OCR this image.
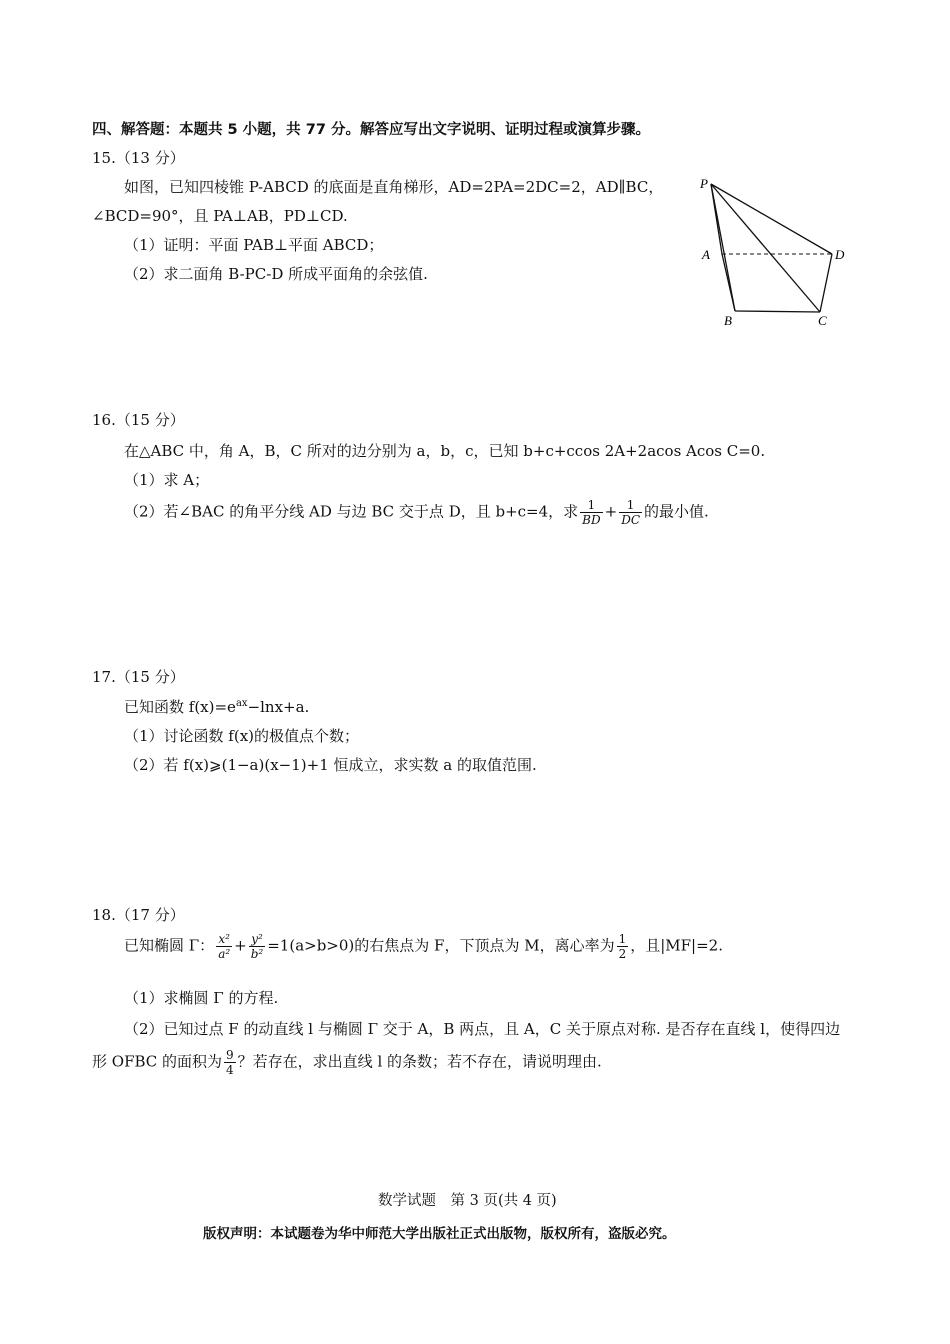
四、解答题：本题共 5 小题，共 77 分。解答应写出文字说明、证明过程或演算步骤。
15.（13 分）
如图，已知四棱锥 P-ABCD 的底面是直角梯形，AD=2PA=2DC=2，AD∥BC，
∠BCD=90°，且 PA⊥AB，PD⊥CD.
（1）证明：平面 PAB⊥平面 ABCD；
（2）求二面角 B-PC-D 所成平面角的余弦值.
P
A
B	C
D
16.（15 分）
在△ABC 中，角 A，B，C 所对的边分别为 a，b，c，已知 b+c+ccos 2A+2acos Acos C=0.
（1）求 A；
（2）若∠BAC 的角平分线 AD 与边 BC 交于点 D，且 b+c=4，求 $\frac{1}{BD} + \frac{1}{DC}$ 的最小值.
17.（15 分）
已知函数 $f(x)=e^{ax}-\ln x+a$.
（1）讨论函数 f(x)的极值点个数；
（2）若 f(x)⩾(1−a)(x−1)+1 恒成立，求实数 a 的取值范围.
18.（17 分）
已知椭圆 Γ： $\frac{\text{x²}}{\text{a²}} + \frac{\text{y²}}{\text{b²}} =1(a>b>0)$的右焦点为 F，下顶点为 M，离心率为 $\frac{1}{2}$ ，且|MF|=2.
（1）求椭圆 Γ 的方程.
（2）已知过点 F 的动直线 l 与椭圆 Γ 交于 A，B 两点，且 A，C 关于原点对称. 是否存在直线 l，使得四边
形 OFBC 的面积为 $\frac{9}{4}$ ？若存在，求出直线 l 的条数；若不存在，请说明理由.
数学试题　第 3 页(共 4 页)
版权声明：本试题卷为华中师范大学出版社正式出版物，版权所有，盗版必究。
